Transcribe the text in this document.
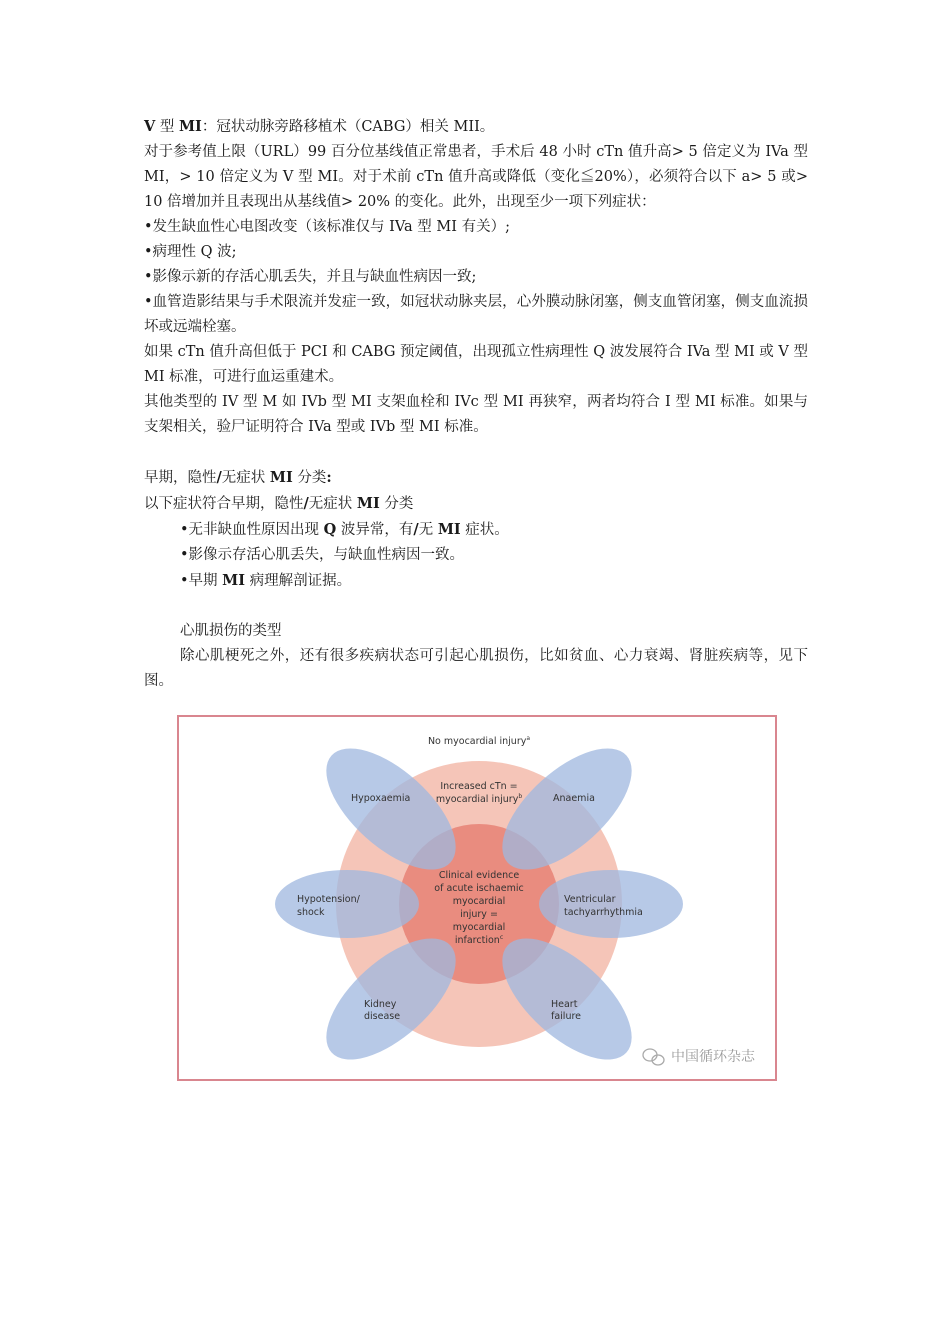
V 型 MI：冠状动脉旁路移植术（CABG）相关 MII。

对于参考值上限（URL）99 百分位基线值正常患者，手术后 48 小时 cTn 值升高> 5 倍定义为 IVa 型 MI，> 10 倍定义为 V 型 MI。对于术前 cTn 值升高或降低（变化≦20%），必须符合以下 a> 5 或> 10 倍增加并且表现出从基线值> 20% 的变化。此外，出现至少一项下列症状：

•发生缺血性心电图改变（该标准仅与 IVa 型 MI 有关）;

•病理性 Q 波;

•影像示新的存活心肌丢失，并且与缺血性病因一致;

•血管造影结果与手术限流并发症一致，如冠状动脉夹层，心外膜动脉闭塞，侧支血管闭塞，侧支血流损坏或远端栓塞。

如果 cTn 值升高但低于 PCI 和 CABG 预定阈值，出现孤立性病理性 Q 波发展符合 IVa 型 MI 或 V 型 MI 标准，可进行血运重建术。

其他类型的 IV 型 M 如 IVb 型 MI 支架血栓和 IVc 型 MI 再狭窄，两者均符合 I 型 MI 标准。如果与支架相关，验尸证明符合 IVa 型或 IVb 型 MI 标准。

早期，隐性/无症状 MI 分类:

以下症状符合早期，隐性/无症状 MI 分类

•无非缺血性原因出现 Q 波异常，有/无 MI 症状。

•影像示存活心肌丢失，与缺血性病因一致。

•早期 MI 病理解剖证据。

心肌损伤的类型

除心肌梗死之外，还有很多疾病状态可引起心肌损伤，比如贫血、心力衰竭、肾脏疾病等，见下图。

No myocardial injury$^a$
Increased cTn =
myocardial injury$^b$
Clinical evidence
of acute ischaemic
myocardial
injury =
myocardial
infarction$^c$
Hypoxaemia	Anaemia
Hypotension/
shock
Ventricular
tachyarrhythmia
Kidney
disease
Heart
failure
中国循环杂志
